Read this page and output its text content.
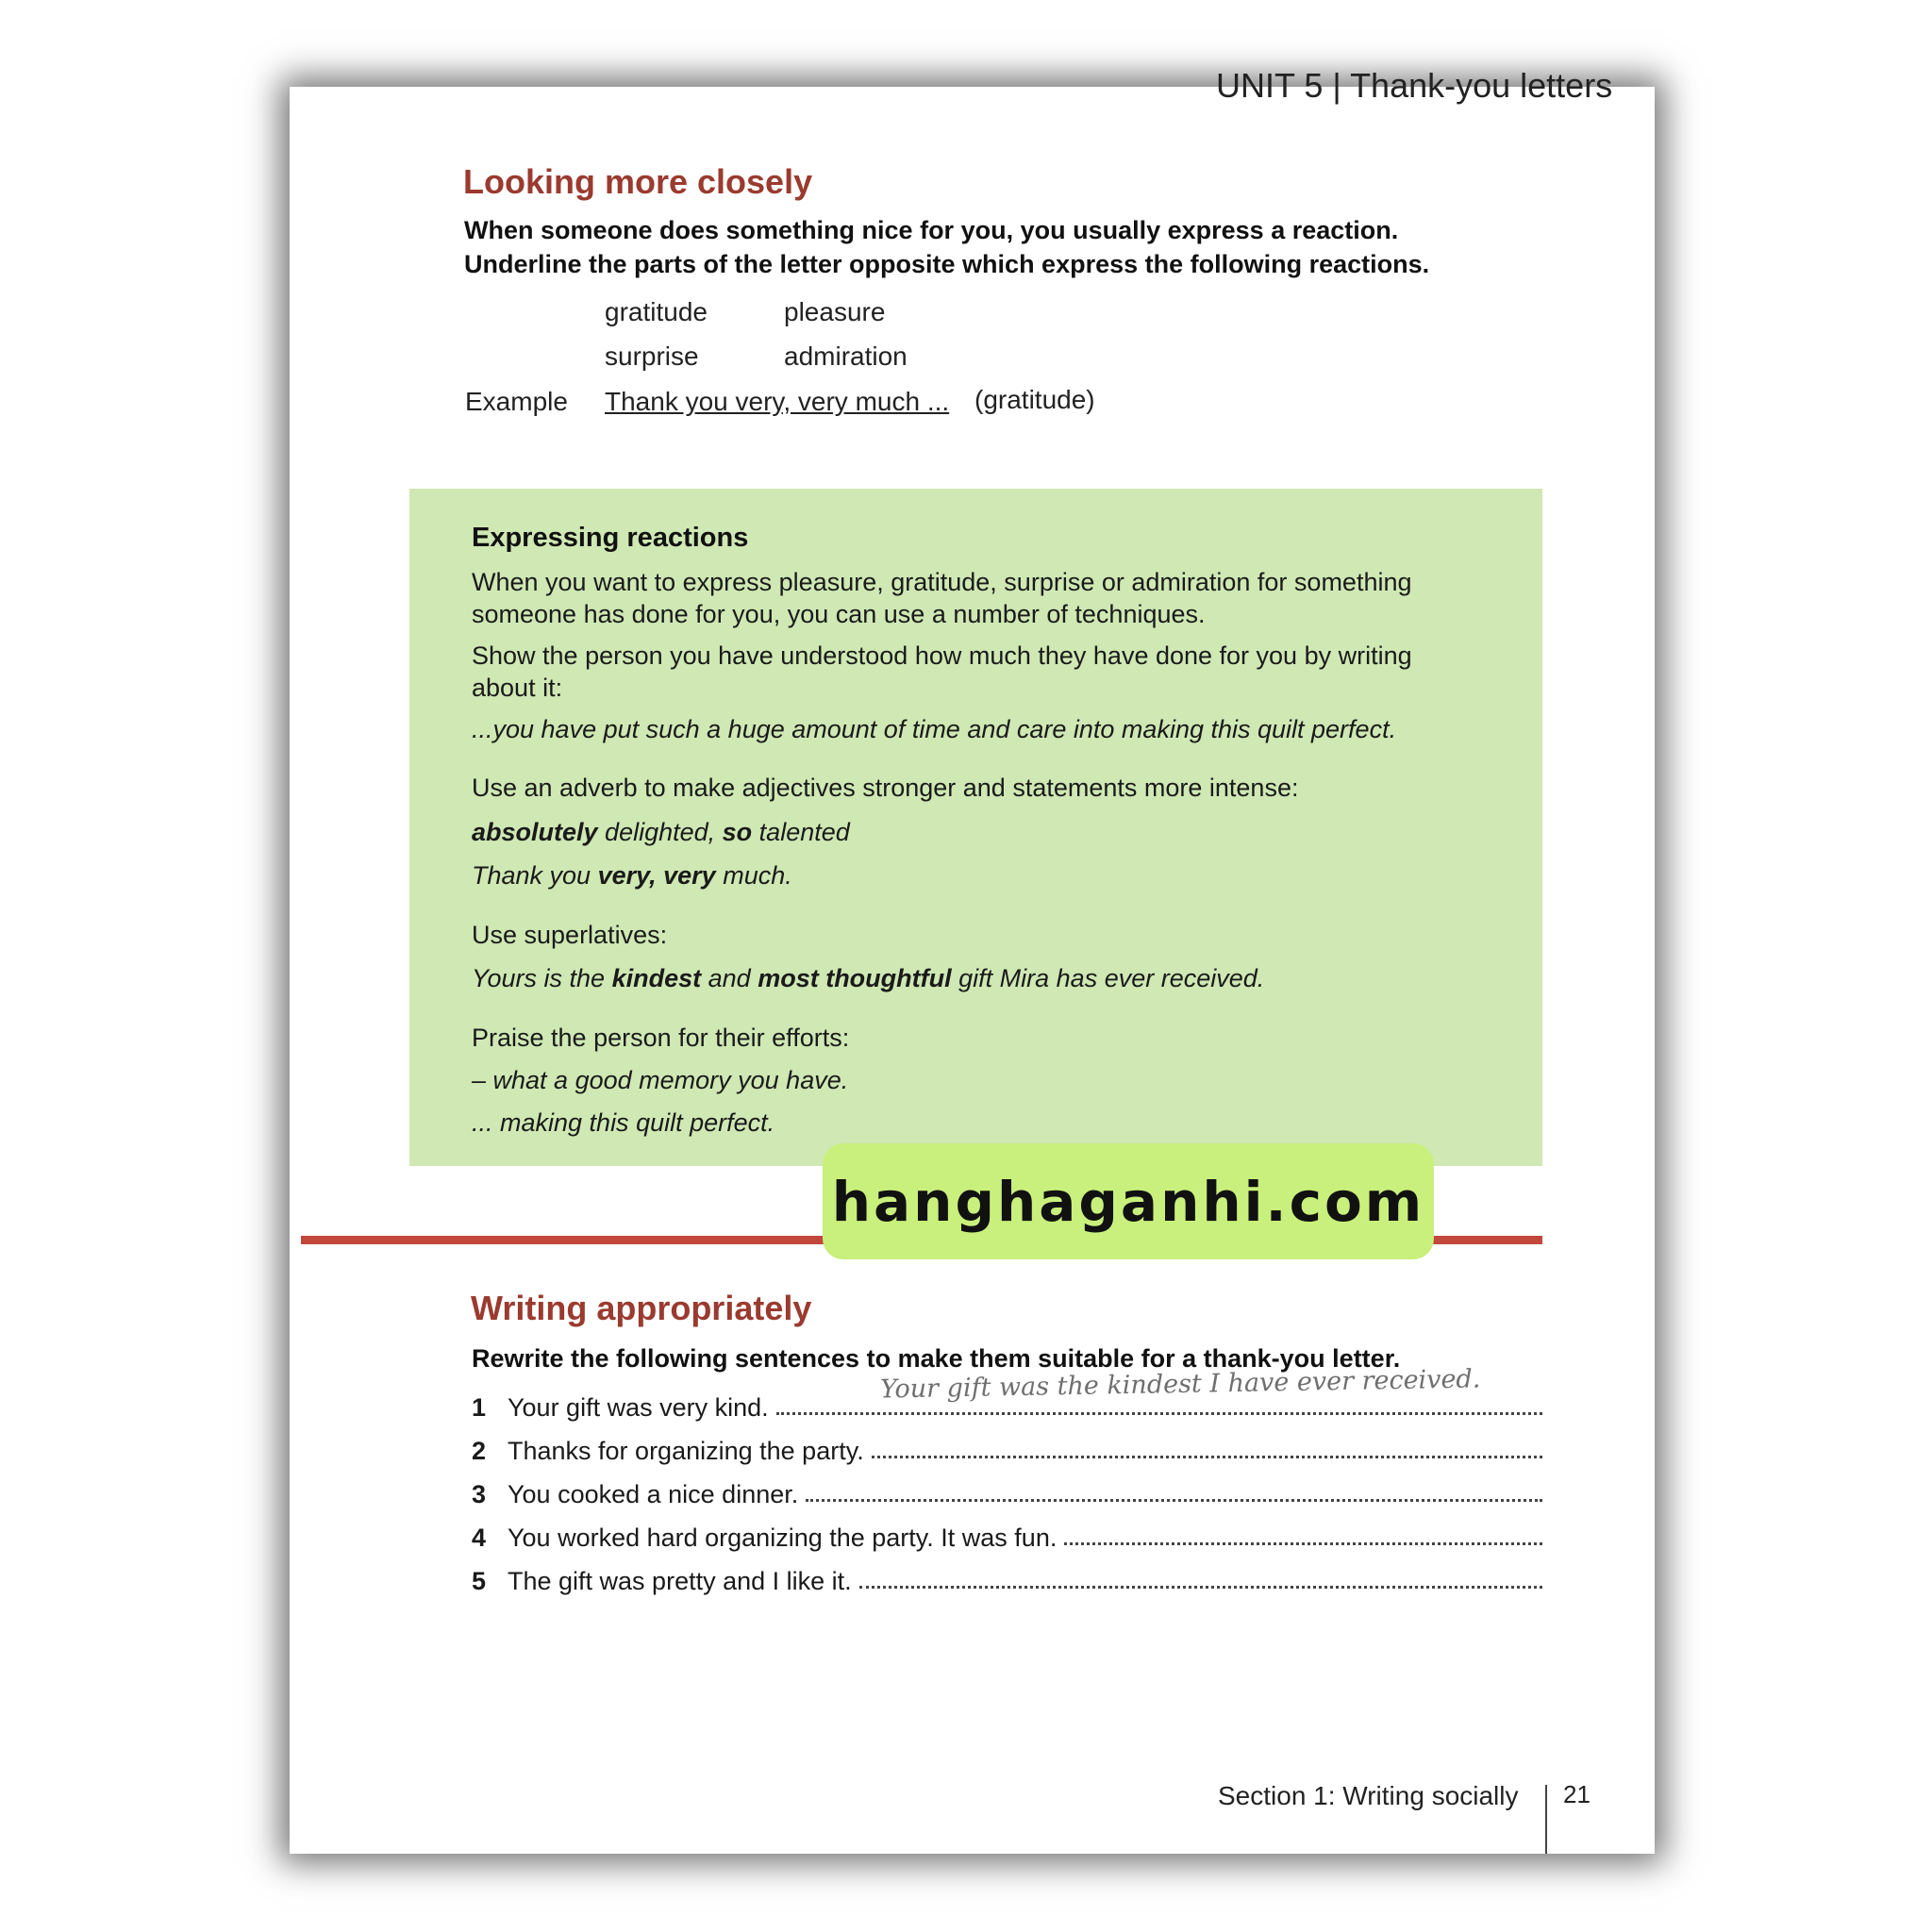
UNIT 5 | Thank-you letters
Looking more closely
When someone does something nice for you, you usually express a reaction.
Underline the parts of the letter opposite which express the following reactions.
gratitude	pleasure
surprise	admiration
Example Thank you very, very much ... (gratitude)
Expressing reactions
When you want to express pleasure, gratitude, surprise or admiration for something
someone has done for you, you can use a number of techniques.
Show the person you have understood how much they have done for you by writing
about it:
...you have put such a huge amount of time and care into making this quilt perfect.
Use an adverb to make adjectives stronger and statements more intense:
absolutely delighted, so talented
Thank you very, very much.
Use superlatives:
Yours is the kindest and most thoughtful gift Mira has ever received.
Praise the person for their efforts:
– what a good memory you have.
... making this quilt perfect.
hanghaganhi.com
Writing appropriately
Rewrite the following sentences to make them suitable for a thank-you letter.
Your gift was the kindest I have ever received.
1 Your gift was very kind.
2 Thanks for organizing the party.
3 You cooked a nice dinner.
4 You worked hard organizing the party. It was fun.
5 The gift was pretty and I like it.
Section 1: Writing socially 21
